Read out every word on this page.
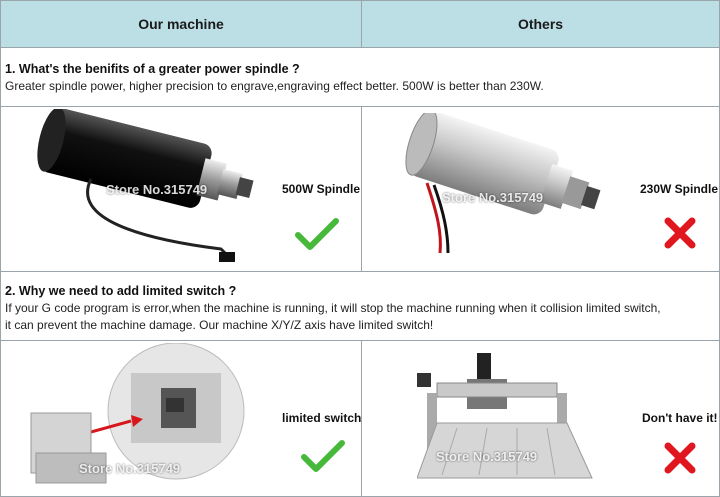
Our machine	Others
1. What's the benifits of a greater power spindle ?
Greater spindle power, higher precision to engrave,engraving effect better. 500W is better than 230W.
Store No.315749	500W Spindle
Store No.315749
230W Spindle
2. Why we need to add limited switch ?
If your G code program is error,when the machine is running, it will stop the machine running when it collision limited switch,
it can prevent the machine damage. Our machine X/Y/Z axis have limited switch!
Store No.315749
limited switch
Store No.315749
Don't have it!
